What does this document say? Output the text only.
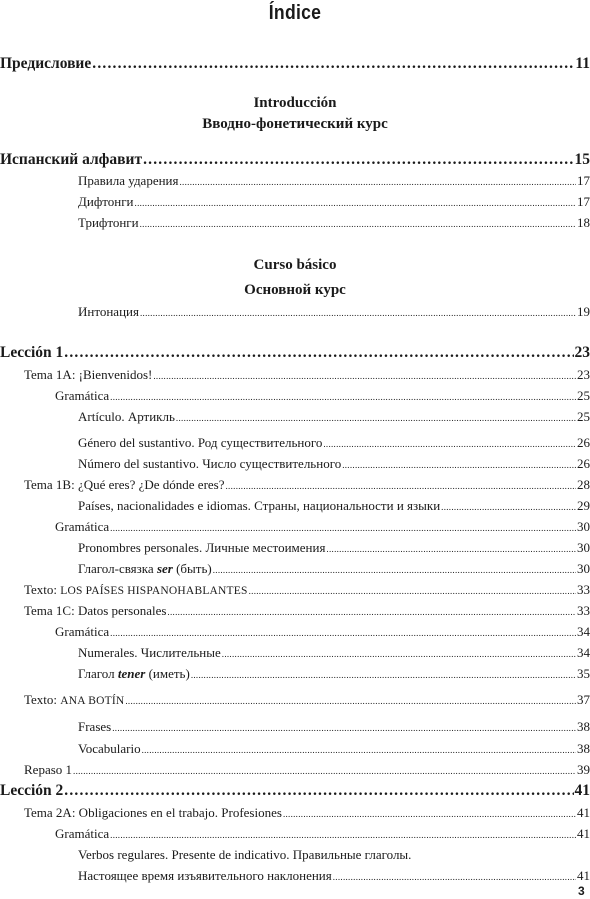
Índice
Предисловие .....	11
Introducción
Вводно-фонетический курс
Испанский алфавит .....	15
Правила ударения .....	17
Дифтонги .....	17
Трифтонги .....	18
Интонация .....	19
Curso básico
Основной курс
Lección 1 .....	23
Tema 1A: ¡Bienvenidos! .....	23
Gramática .....	25
Artículo. Артикль .....	25
Género del sustantivo. Род существительного .....	26
Número del sustantivo. Число существительного .....	26
Tema 1B: ¿Qué eres? ¿De dónde eres? .....	28
Países, nacionalidades e idiomas. Страны, национальности и языки .....	29
Gramática .....	30
Pronombres personales. Личные местоимения .....	30
Глагол-связка ser (быть) .....	30
Texto: LOS PAÍSES HISPANOHABLANTES .....	33
Tema 1C: Datos personales .....	33
Gramática .....	34
Numerales. Числительные .....	34
Глагол tener (иметь) .....	35
Texto: ANA BOTÍN .....	37
Frases .....	38
Vocabulario .....	38
Repaso 1 .....	39
Lección 2 .....	41
Tema 2A: Obligaciones en el trabajo. Profesiones .....	41
Gramática .....	41
Verbos regulares. Presente de indicativo. Правильные глаголы.
Настоящее время изъявительного наклонения .....	41
3
